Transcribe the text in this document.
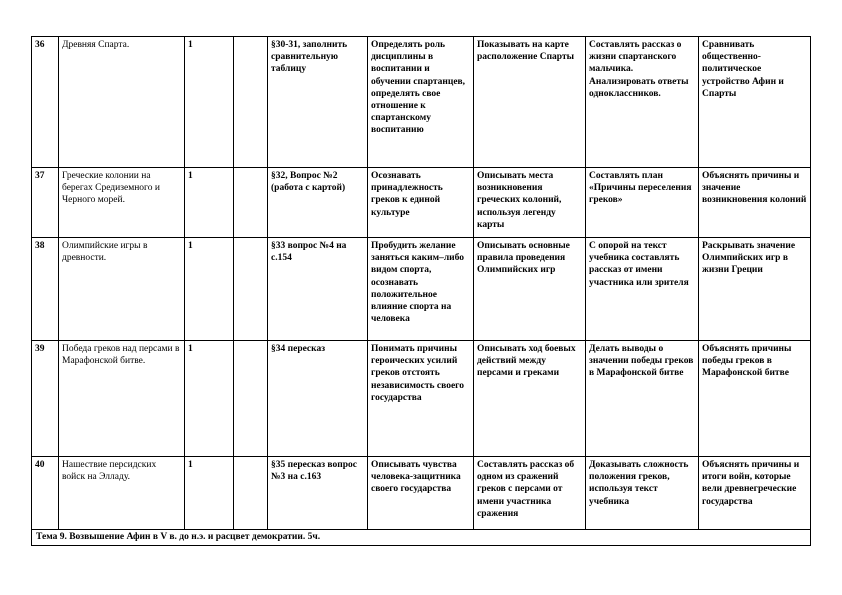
36	Древняя Спарта.	1		§30-31, заполнить сравнительную таблицу	Определять роль дисциплины в воспитании и обучении спартанцев, определять свое отношение к спартанскому воспитанию	Показывать на карте расположение Спарты	Составлять рассказ о жизни спартанского мальчика. Анализировать ответы одноклассников.	Сравнивать общественно-политическое устройство Афин и Спарты
37	Греческие колонии на берегах Средиземного и Черного морей.	1		§32, Вопрос №2 (работа с картой)	Осознавать принадлежность греков к единой культуре	Описывать места возникновения греческих колоний, используя легенду карты	Составлять план «Причины переселения греков»	Объяснять причины и значение возникновения колоний
38	Олимпийские игры в древности.	1		§33 вопрос №4 на с.154	Пробудить желание заняться каким–либо видом спорта, осознавать положительное влияние спорта на человека	Описывать основные правила проведения Олимпийских игр	С опорой на текст учебника составлять рассказ от имени участника или зрителя	Раскрывать значение Олимпийских игр в жизни Греции
39	Победа греков над персами в Марафонской битве.	1		§34 пересказ	Понимать причины героических усилий греков отстоять независимость своего государства	Описывать ход боевых действий между персами и греками	Делать выводы о значении победы греков в Марафонской битве	Объяснять причины победы греков в Марафонской битве
40	Нашествие персидских войск на Элладу.	1		§35 пересказ вопрос №3 на с.163	Описывать чувства человека-защитника своего государства	Составлять рассказ об одном из сражений греков с персами от имени участника сражения	Доказывать сложность положения греков, используя текст учебника	Объяснять причины и итоги войн, которые вели древнегреческие государства
Тема 9. Возвышение Афин в V в. до н.э. и расцвет демократии. 5ч.								
